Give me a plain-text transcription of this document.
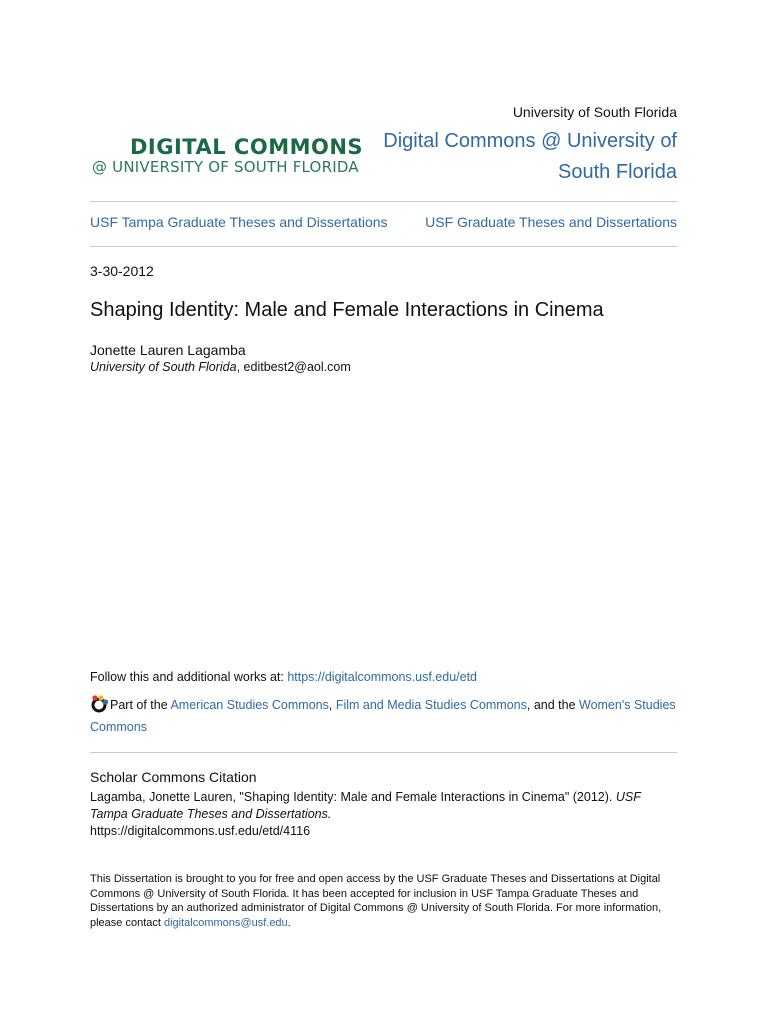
University of South Florida
Digital Commons @ University of South Florida
DIGITAL COMMONS
@ UNIVERSITY OF SOUTH FLORIDA
USF Tampa Graduate Theses and Dissertations	USF Graduate Theses and Dissertations
3-30-2012
Shaping Identity: Male and Female Interactions in Cinema
Jonette Lauren Lagamba
University of South Florida, editbest2@aol.com
Follow this and additional works at: https://digitalcommons.usf.edu/etd
Part of the American Studies Commons, Film and Media Studies Commons, and the Women's Studies Commons
Scholar Commons Citation
Lagamba, Jonette Lauren, "Shaping Identity: Male and Female Interactions in Cinema" (2012). USF Tampa Graduate Theses and Dissertations.
https://digitalcommons.usf.edu/etd/4116
This Dissertation is brought to you for free and open access by the USF Graduate Theses and Dissertations at Digital Commons @ University of South Florida. It has been accepted for inclusion in USF Tampa Graduate Theses and Dissertations by an authorized administrator of Digital Commons @ University of South Florida. For more information, please contact digitalcommons@usf.edu.
